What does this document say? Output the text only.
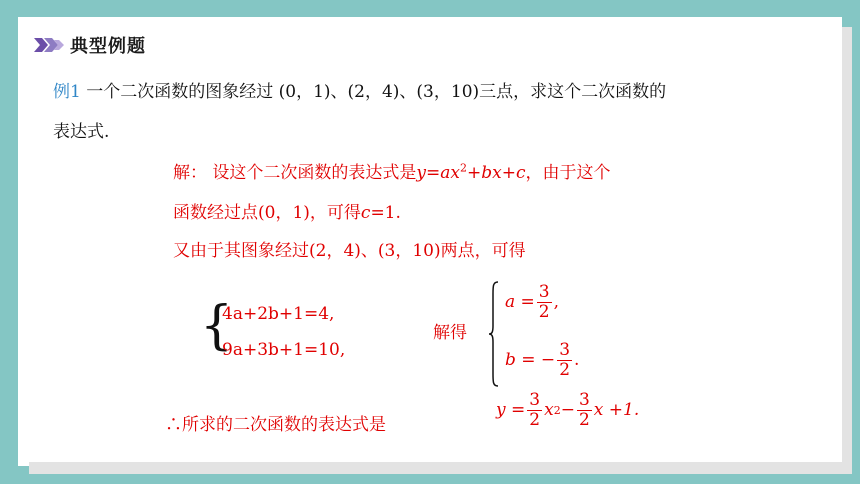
典型例题
例1 一个二次函数的图象经过 (0，1)、(2，4)、(3，10)三点，求这个二次函数的
表达式.
解： 设这个二次函数的表达式是$y=ax^2+bx+c$，由于这个
函数经过点(0，1)，可得c=1.
又由于其图象经过(2，4)、(3，10)两点，可得
{
4a+2b+1=4,
9a+3b+1=10,
解得
$a = \frac{3}{2}$ ,
b = − $\frac{3}{2}$ .
∴所求的二次函数的表达式是
$y = \frac{3}{2}$ x $2 - \frac{3}{2}$ x +1.
